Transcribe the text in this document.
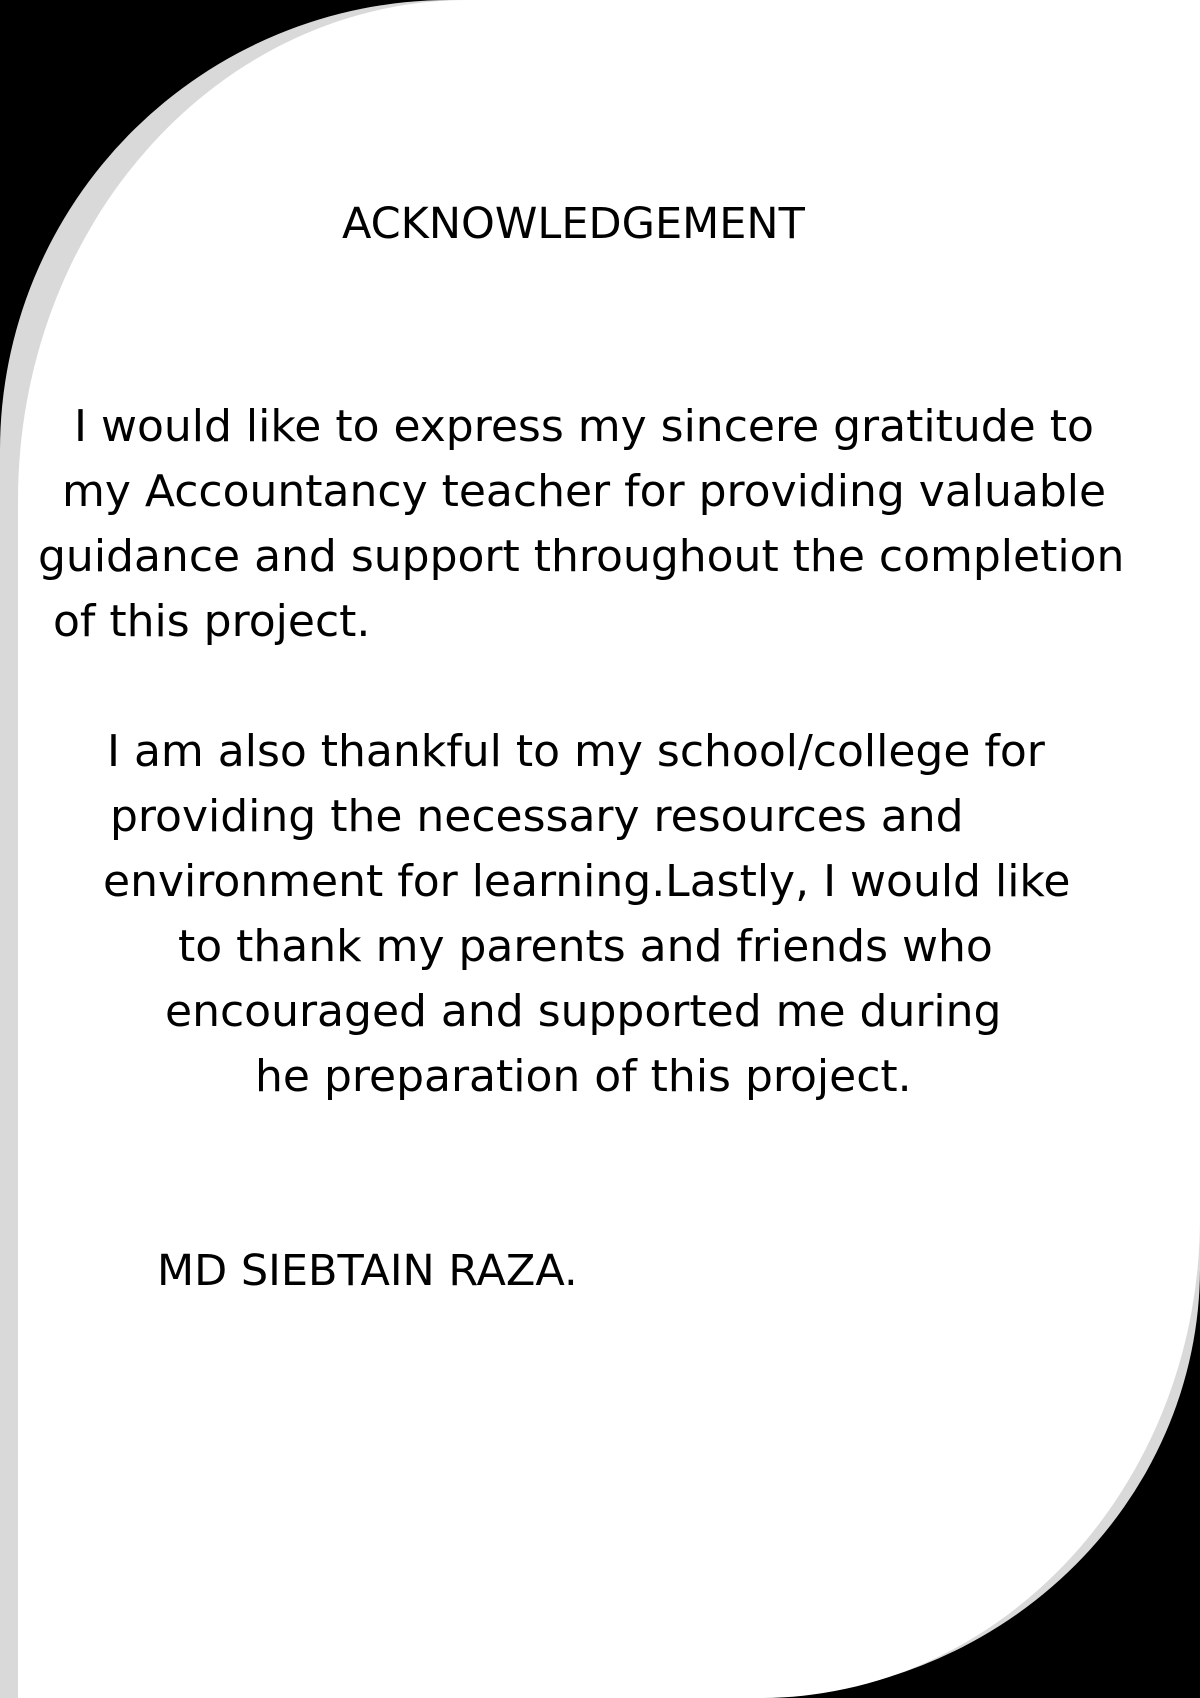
ACKNOWLEDGEMENT
I would like to express my sincere gratitude to
my Accountancy teacher for providing valuable
guidance and support throughout the completion
of this project.
I am also thankful to my school/college for
providing the necessary resources and
environment for learning.Lastly, I would like
to thank my parents and friends who
encouraged and supported me during
he preparation of this project.
MD SIEBTAIN RAZA.
